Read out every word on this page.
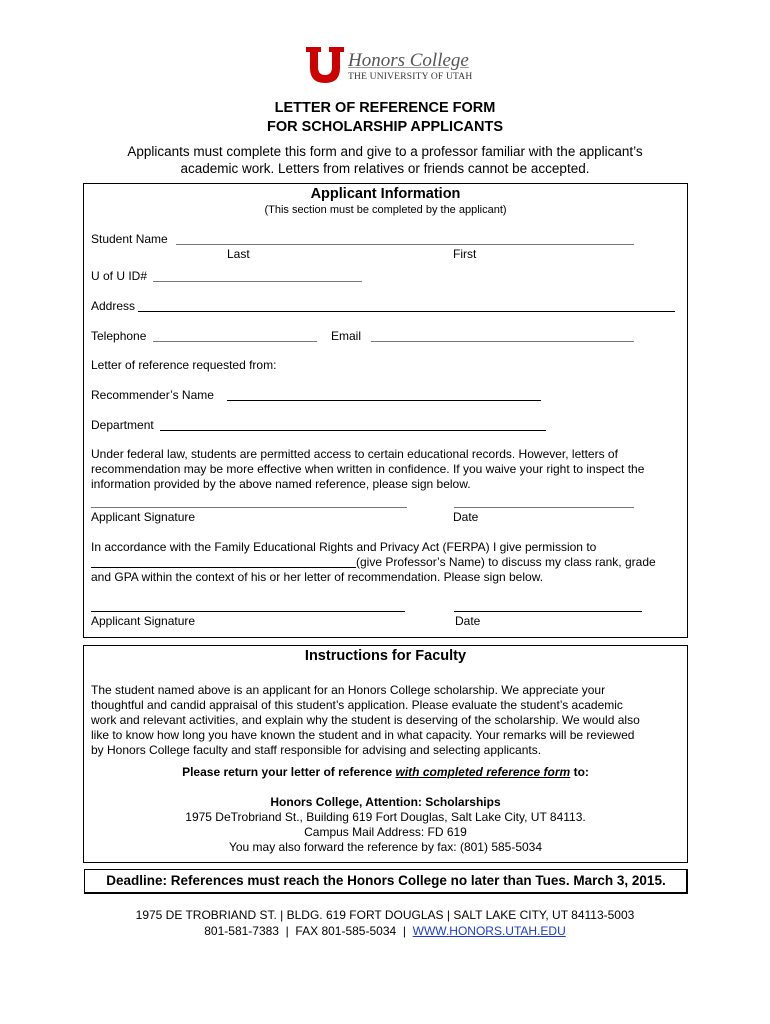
Honors College
THE UNIVERSITY OF UTAH
LETTER OF REFERENCE FORM
FOR SCHOLARSHIP APPLICANTS
Applicants must complete this form and give to a professor familiar with the applicant’s
academic work. Letters from relatives or friends cannot be accepted.
Applicant Information
(This section must be completed by the applicant)
Student Name
Last	First
U of U ID#
Address
Telephone	Email
Letter of reference requested from:
Recommender’s Name
Department
Under federal law, students are permitted access to certain educational records. However, letters of
recommendation may be more effective when written in confidence. If you waive your right to inspect the
information provided by the above named reference, please sign below.
Applicant Signature	Date
In accordance with the Family Educational Rights and Privacy Act (FERPA) I give permission to
(give Professor’s Name) to discuss my class rank, grade
and GPA within the context of his or her letter of recommendation. Please sign below.
Applicant Signature	Date
Instructions for Faculty
The student named above is an applicant for an Honors College scholarship. We appreciate your
thoughtful and candid appraisal of this student’s application. Please evaluate the student’s academic
work and relevant activities, and explain why the student is deserving of the scholarship. We would also
like to know how long you have known the student and in what capacity. Your remarks will be reviewed
by Honors College faculty and staff responsible for advising and selecting applicants.
Please return your letter of reference with completed reference form to:
Honors College, Attention: Scholarships
1975 DeTrobriand St., Building 619 Fort Douglas, Salt Lake City, UT 84113.
Campus Mail Address: FD 619
You may also forward the reference by fax: (801) 585-5034
Deadline: References must reach the Honors College no later than Tues. March 3, 2015.
1975 DE TROBRIAND ST. | BLDG. 619 FORT DOUGLAS | SALT LAKE CITY, UT 84113-5003
801-581-7383  |  FAX 801-585-5034  |  WWW.HONORS.UTAH.EDU
